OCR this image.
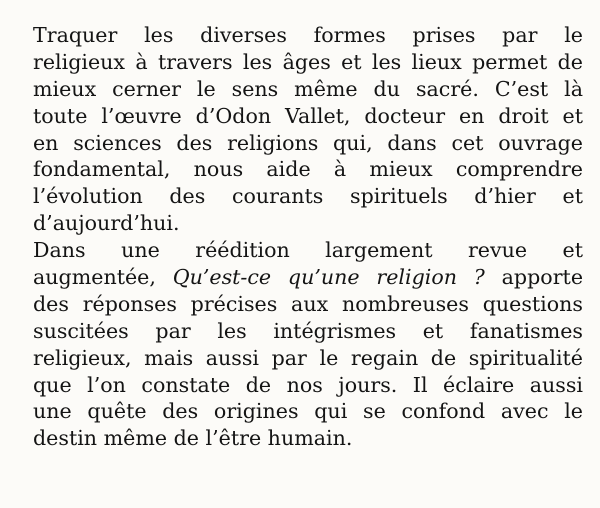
Traquer les diverses formes prises par le
religieux à travers les âges et les lieux permet de
mieux cerner le sens même du sacré. C’est là
toute l’œuvre d’Odon Vallet, docteur en droit et
en sciences des religions qui, dans cet ouvrage
fondamental, nous aide à mieux comprendre
l’évolution des courants spirituels d’hier et
d’aujourd’hui.
Dans une réédition largement revue et
augmentée, Qu’est-ce qu’une religion ? apporte
des réponses précises aux nombreuses questions
suscitées par les intégrismes et fanatismes
religieux, mais aussi par le regain de spiritualité
que l’on constate de nos jours. Il éclaire aussi
une quête des origines qui se confond avec le
destin même de l’être humain.
